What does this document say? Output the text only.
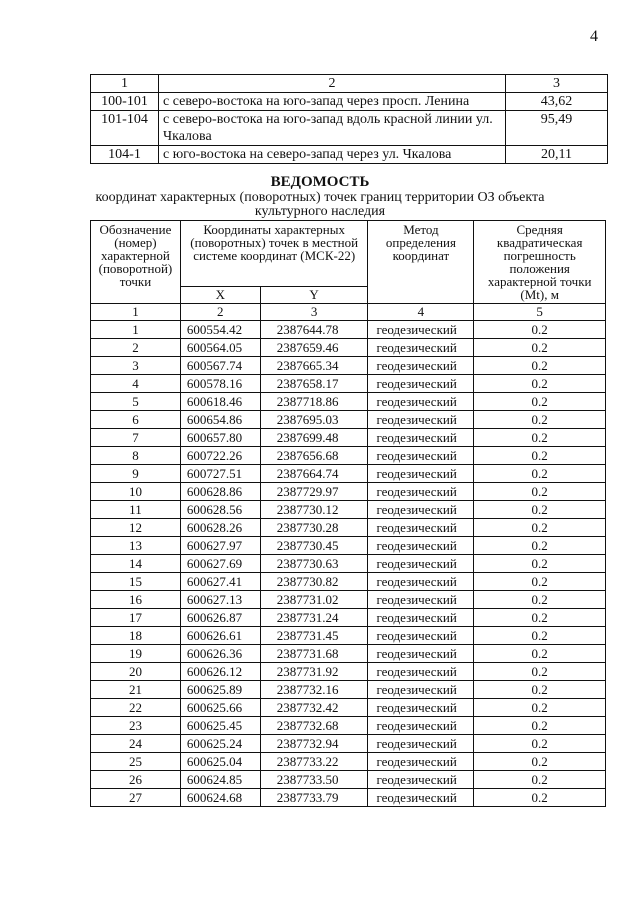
4
1	2	3
100-101	с северо-востока на юго-запад через просп. Ленина	43,62
101-104	с северо-востока на юго-запад вдоль красной линии ул. Чкалова	95,49
104-1	с юго-востока на северо-запад через ул. Чкалова	20,11
ВЕДОМОСТЬ
координат характерных (поворотных) точек границ территории ОЗ объекта
культурного наследия
Обозначение (номер) характерной (поворотной) точки	Координаты характерных (поворотных) точек в местной системе координат (МСК-22)		Метод определения координат	Средняя квадратическая погрешность положения характерной точки (Mt), м
	X	Y		
1	2	3	4	5
1	600554.42	2387644.78	геодезический	0.2
2	600564.05	2387659.46	геодезический	0.2
3	600567.74	2387665.34	геодезический	0.2
4	600578.16	2387658.17	геодезический	0.2
5	600618.46	2387718.86	геодезический	0.2
6	600654.86	2387695.03	геодезический	0.2
7	600657.80	2387699.48	геодезический	0.2
8	600722.26	2387656.68	геодезический	0.2
9	600727.51	2387664.74	геодезический	0.2
10	600628.86	2387729.97	геодезический	0.2
11	600628.56	2387730.12	геодезический	0.2
12	600628.26	2387730.28	геодезический	0.2
13	600627.97	2387730.45	геодезический	0.2
14	600627.69	2387730.63	геодезический	0.2
15	600627.41	2387730.82	геодезический	0.2
16	600627.13	2387731.02	геодезический	0.2
17	600626.87	2387731.24	геодезический	0.2
18	600626.61	2387731.45	геодезический	0.2
19	600626.36	2387731.68	геодезический	0.2
20	600626.12	2387731.92	геодезический	0.2
21	600625.89	2387732.16	геодезический	0.2
22	600625.66	2387732.42	геодезический	0.2
23	600625.45	2387732.68	геодезический	0.2
24	600625.24	2387732.94	геодезический	0.2
25	600625.04	2387733.22	геодезический	0.2
26	600624.85	2387733.50	геодезический	0.2
27	600624.68	2387733.79	геодезический	0.2
